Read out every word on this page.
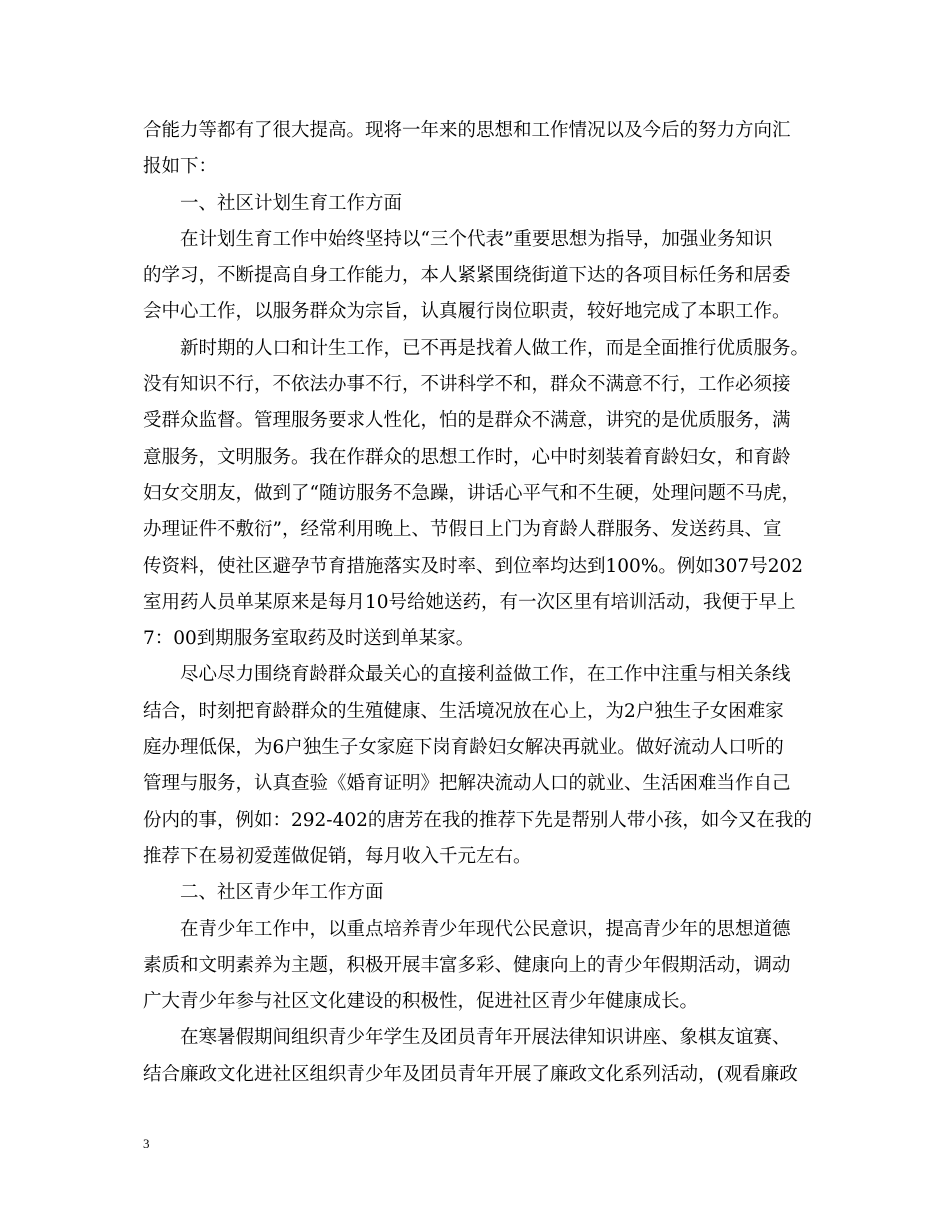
合能力等都有了很大提高。现将一年来的思想和工作情况以及今后的努力方向汇
报如下：
一、社区计划生育工作方面
在计划生育工作中始终坚持以“三个代表”重要思想为指导，加强业务知识
的学习，不断提高自身工作能力，本人紧紧围绕街道下达的各项目标任务和居委
会中心工作，以服务群众为宗旨，认真履行岗位职责，较好地完成了本职工作。
新时期的人口和计生工作，已不再是找着人做工作，而是全面推行优质服务。
没有知识不行，不依法办事不行，不讲科学不和，群众不满意不行，工作必须接
受群众监督。管理服务要求人性化，怕的是群众不满意，讲究的是优质服务，满
意服务，文明服务。我在作群众的思想工作时，心中时刻装着育龄妇女，和育龄
妇女交朋友，做到了“随访服务不急躁，讲话心平气和不生硬，处理问题不马虎，
办理证件不敷衍”，经常利用晚上、节假日上门为育龄人群服务、发送药具、宣
传资料，使社区避孕节育措施落实及时率、到位率均达到100%。例如307号202
室用药人员单某原来是每月10号给她送药，有一次区里有培训活动，我便于早上
7：00到期服务室取药及时送到单某家。
尽心尽力围绕育龄群众最关心的直接利益做工作，在工作中注重与相关条线
结合，时刻把育龄群众的生殖健康、生活境况放在心上，为2户独生子女困难家
庭办理低保，为6户独生子女家庭下岗育龄妇女解决再就业。做好流动人口听的
管理与服务，认真查验《婚育证明》把解决流动人口的就业、生活困难当作自己
份内的事，例如：292-402的唐芳在我的推荐下先是帮别人带小孩，如今又在我的
推荐下在易初爱莲做促销，每月收入千元左右。
二、社区青少年工作方面
在青少年工作中，以重点培养青少年现代公民意识，提高青少年的思想道德
素质和文明素养为主题，积极开展丰富多彩、健康向上的青少年假期活动，调动
广大青少年参与社区文化建设的积极性，促进社区青少年健康成长。
在寒暑假期间组织青少年学生及团员青年开展法律知识讲座、象棋友谊赛、
结合廉政文化进社区组织青少年及团员青年开展了廉政文化系列活动，(观看廉政
3
